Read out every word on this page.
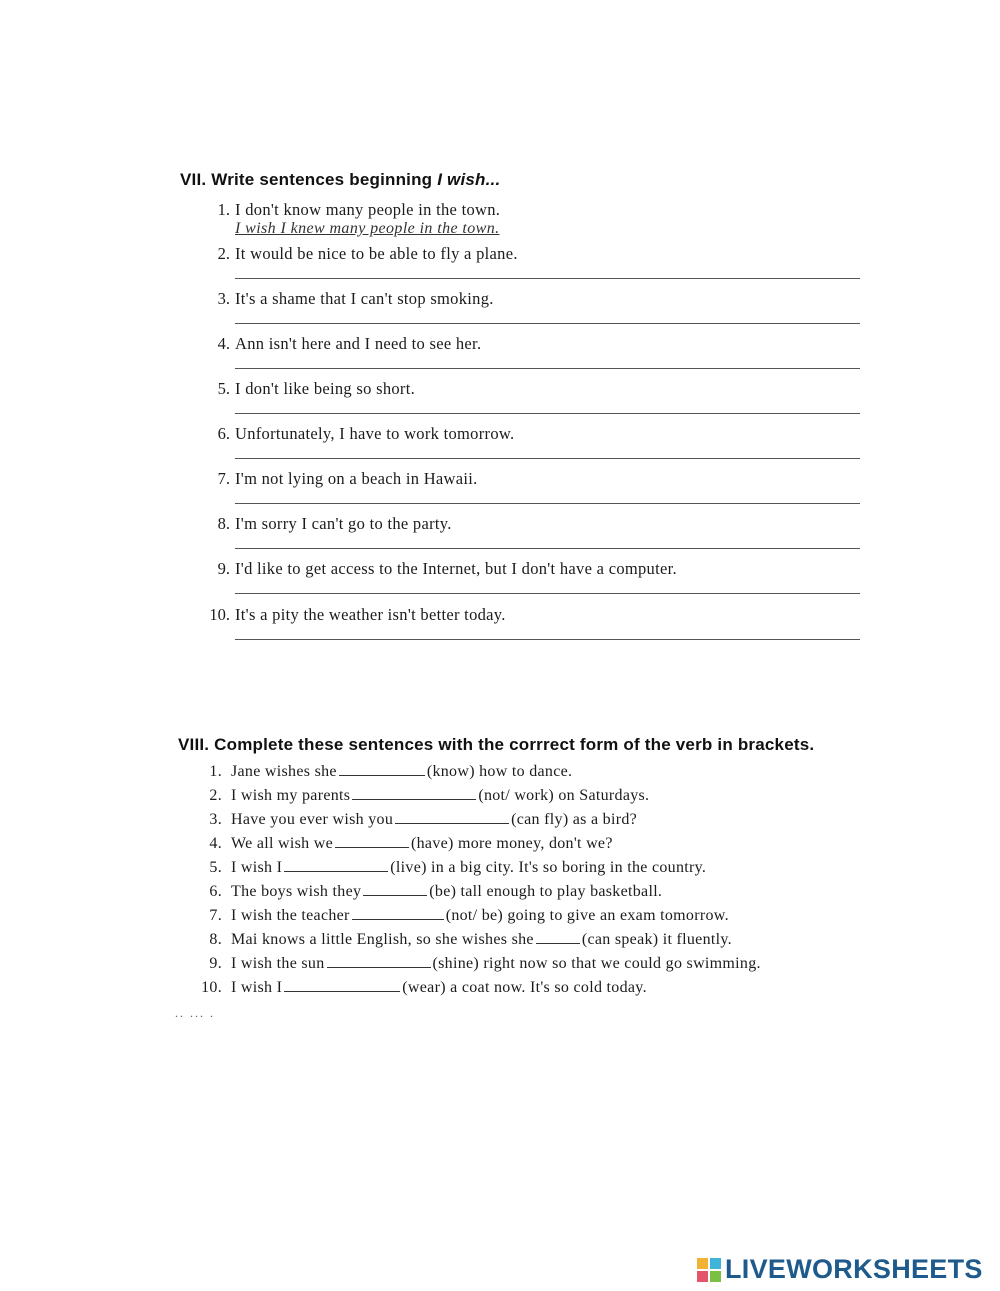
VII. Write sentences beginning I wish...
1. I don't know many people in the town.
I wish I knew many people in the town.
2. It would be nice to be able to fly a plane.
3. It's a shame that I can't stop smoking.
4. Ann isn't here and I need to see her.
5. I don't like being so short.
6. Unfortunately, I have to work tomorrow.
7. I'm not lying on a beach in Hawaii.
8. I'm sorry I can't go to the party.
9. I'd like to get access to the Internet, but I don't have a computer.
10. It's a pity the weather isn't better today.
VIII. Complete these sentences with the corrrect form of the verb in brackets.
1. Jane wishes she	(know) how to dance.
2. I wish my parents	(not/ work) on Saturdays.
3. Have you ever wish you	(can fly) as a bird?
4. We all wish we	(have) more money, don't we?
5. I wish I	(live) in a big city. It's so boring in the country.
6. The boys wish they	(be) tall enough to play basketball.
7. I wish the teacher	(not/ be) going to give an exam tomorrow.
8. Mai knows a little English, so she wishes she	(can speak) it fluently.
9. I wish the sun	(shine) right now so that we could go swimming.
10. I wish I	(wear) a coat now. It's so cold today.
.. ... .
LIVEWORKSHEETS
